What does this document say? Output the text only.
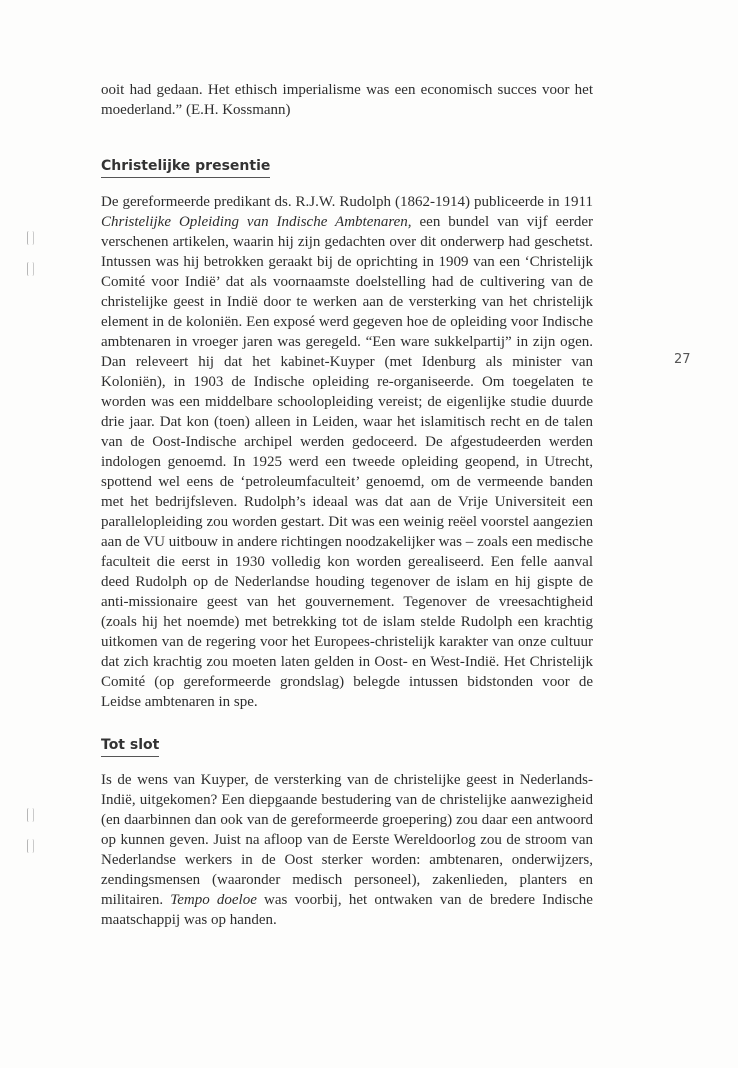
ooit had gedaan. Het ethisch imperialisme was een economisch succes voor het moederland.” (E.H. Kossmann)

Christelijke presentie

De gereformeerde predikant ds. R.J.W. Rudolph (1862-1914) publiceerde in 1911 Christelijke Opleiding van Indische Ambtenaren, een bundel van vijf eerder verschenen artikelen, waarin hij zijn gedachten over dit onderwerp had geschetst. Intussen was hij betrokken geraakt bij de oprichting in 1909 van een ‘Christelijk Comité voor Indië’ dat als voornaamste doelstelling had de cultivering van de christelijke geest in Indië door te werken aan de versterking van het christelijk element in de koloniën. Een exposé werd gegeven hoe de opleiding voor Indische ambtenaren in vroeger jaren was geregeld. “Een ware sukkelpartij” in zijn ogen. Dan releveert hij dat het kabinet-Kuyper (met Idenburg als minister van Koloniën), in 1903 de Indische opleiding re-organiseerde. Om toegelaten te worden was een middelbare schoolopleiding vereist; de eigenlijke studie duurde drie jaar. Dat kon (toen) alleen in Leiden, waar het islamitisch recht en de talen van de Oost-Indische archipel werden gedoceerd. De afgestudeerden werden indologen genoemd. In 1925 werd een tweede opleiding geopend, in Utrecht, spottend wel eens de ‘petroleumfaculteit’ genoemd, om de vermeende banden met het bedrijfsleven. Rudolph’s ideaal was dat aan de Vrije Universiteit een parallelopleiding zou worden gestart. Dit was een weinig reëel voorstel aangezien aan de VU uitbouw in andere richtingen noodzakelijker was – zoals een medische faculteit die eerst in 1930 volledig kon worden gerealiseerd. Een felle aanval deed Rudolph op de Nederlandse houding tegenover de islam en hij gispte de anti-missionaire geest van het gouvernement. Tegenover de vreesachtigheid (zoals hij het noemde) met betrekking tot de islam stelde Rudolph een krachtig uitkomen van de regering voor het Europees-christelijk karakter van onze cultuur dat zich krachtig zou moeten laten gelden in Oost- en West-Indië. Het Christelijk Comité (op gereformeerde grondslag) belegde intussen bidstonden voor de Leidse ambtenaren in spe.

Tot slot

Is de wens van Kuyper, de versterking van de christelijke geest in Nederlands-Indië, uitgekomen? Een diepgaande bestudering van de christelijke aanwezigheid (en daarbinnen dan ook van de gereformeerde groepering) zou daar een antwoord op kunnen geven. Juist na afloop van de Eerste Wereldoorlog zou de stroom van Nederlandse werkers in de Oost sterker worden: ambtenaren, onderwijzers, zendingsmensen (waaronder medisch personeel), zakenlieden, planters en militairen. Tempo doeloe was voorbij, het ontwaken van de bredere Indische maatschappij was op handen.

27
